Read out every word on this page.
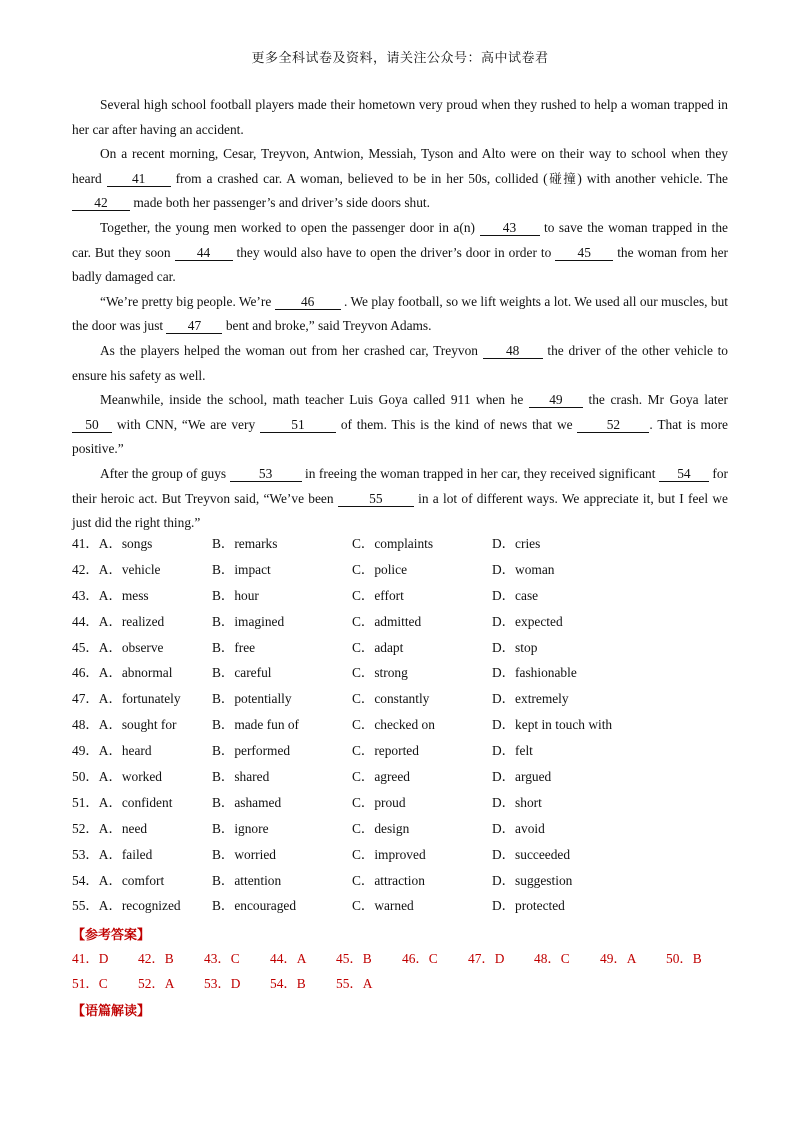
更多全科试卷及资料，请关注公众号：高中试卷君

Several high school football players made their hometown very proud when they rushed to help a woman trapped in her car after having an accident.

On a recent morning, Cesar, Treyvon, Antwion, Messiah, Tyson and Alto were on their way to school when they heard 41 from a crashed car. A woman, believed to be in her 50s, collided (碰撞) with another vehicle. The 42 made both her passenger’s and driver’s side doors shut.

Together, the young men worked to open the passenger door in a(n) 43 to save the woman trapped in the car. But they soon 44 they would also have to open the driver’s door in order to 45 the woman from her badly damaged car.

“We’re pretty big people. We’re 46 . We play football, so we lift weights a lot. We used all our muscles, but the door was just 47 bent and broke,” said Treyvon Adams.

As the players helped the woman out from her crashed car, Treyvon 48 the driver of the other vehicle to ensure his safety as well.

Meanwhile, inside the school, math teacher Luis Goya called 911 when he 49 the crash. Mr Goya later 50 with CNN, “We are very 51 of them. This is the kind of news that we 52 . That is more positive.”

After the group of guys 53 in freeing the woman trapped in her car, they received significant 54 for their heroic act. But Treyvon said, “We’ve been 55 in a lot of different ways. We appreciate it, but I feel we just did the right thing.”

41．A．songs	B．remarks	C．complaints	D．cries
42．A．vehicle	B．impact	C．police	D．woman
43．A．mess	B．hour	C．effort	D．case
44．A．realized	B．imagined	C．admitted	D．expected
45．A．observe	B．free	C．adapt	D．stop
46．A．abnormal	B．careful	C．strong	D．fashionable
47．A．fortunately B．potentially	C．constantly	D．extremely
48．A．sought for	B．made fun of	C．checked on	D．kept in touch with
49．A．heard	B．performed	C．reported	D．felt
50．A．worked	B．shared	C．agreed	D．argued
51．A．confident	B．ashamed	C．proud	D．short
52．A．need	B．ignore	C．design	D．avoid
53．A．failed	B．worried	C．improved	D．succeeded
54．A．comfort	B．attention	C．attraction	D．suggestion
55．A．recognized B．encouraged	C．warned	D．protected
【参考答案】
41．D 42．B 43．C 44．A 45．B 46．C 47．D 48．C 49．A 50．B
51．C 52．A 53．D 54．B 55．A
【语篇解读】
